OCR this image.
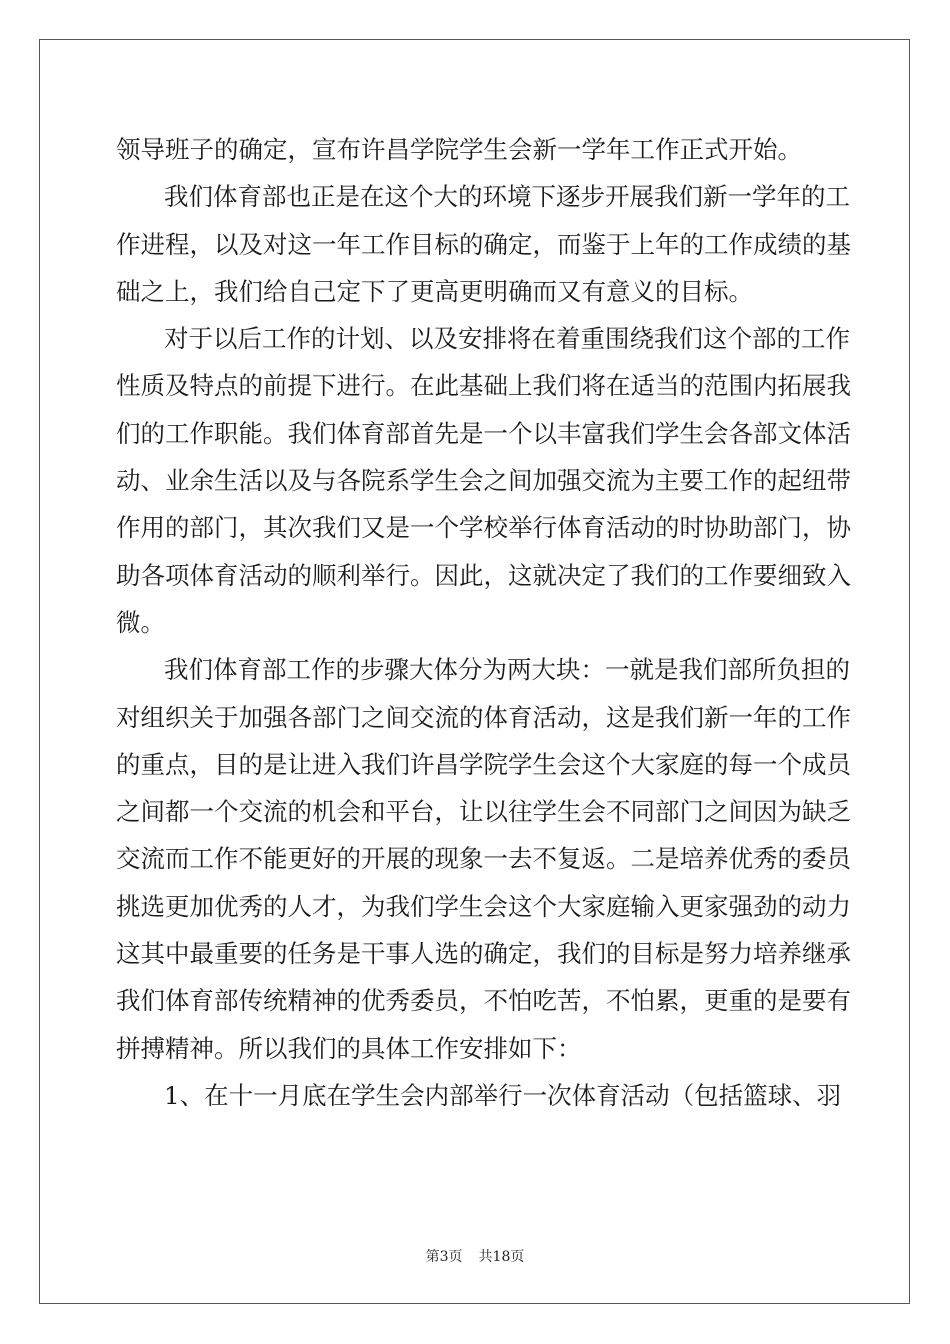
领导班子的确定，宣布许昌学院学生会新一学年工作正式开始。
我们体育部也正是在这个大的环境下逐步开展我们新一学年的工
作进程，以及对这一年工作目标的确定，而鉴于上年的工作成绩的基
础之上，我们给自己定下了更高更明确而又有意义的目标。
对于以后工作的计划、以及安排将在着重围绕我们这个部的工作
性质及特点的前提下进行。在此基础上我们将在适当的范围内拓展我
们的工作职能。我们体育部首先是一个以丰富我们学生会各部文体活
动、业余生活以及与各院系学生会之间加强交流为主要工作的起纽带
作用的部门，其次我们又是一个学校举行体育活动的时协助部门，协
助各项体育活动的顺利举行。因此，这就决定了我们的工作要细致入
微。
我们体育部工作的步骤大体分为两大块：一就是我们部所负担的
对组织关于加强各部门之间交流的体育活动，这是我们新一年的工作
的重点，目的是让进入我们许昌学院学生会这个大家庭的每一个成员
之间都一个交流的机会和平台，让以往学生会不同部门之间因为缺乏
交流而工作不能更好的开展的现象一去不复返。二是培养优秀的委员
挑选更加优秀的人才，为我们学生会这个大家庭输入更家强劲的动力
这其中最重要的任务是干事人选的确定，我们的目标是努力培养继承
我们体育部传统精神的优秀委员，不怕吃苦，不怕累，更重的是要有
拼搏精神。所以我们的具体工作安排如下：
1、在十一月底在学生会内部举行一次体育活动（包括篮球、羽
第3页 共18页
